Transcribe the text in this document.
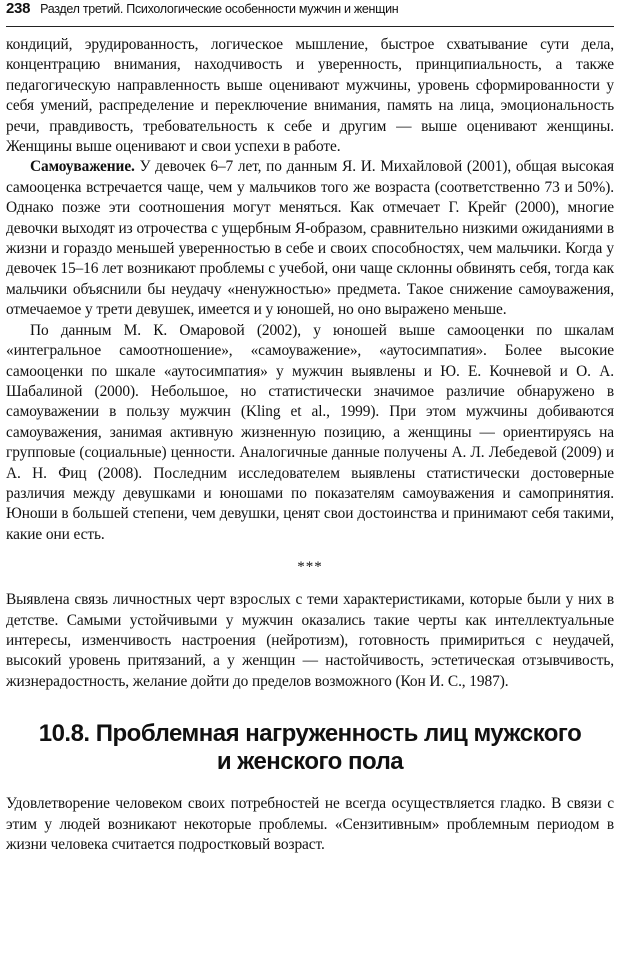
238 Раздел третий. Психологические особенности мужчин и женщин

кондиций, эрудированность, логическое мышление, быстрое схватывание сути дела, концентрацию внимания, находчивость и уверенность, принципиальность, а также педагогическую направленность выше оценивают мужчины, уровень сформированности у себя умений, распределение и переключение внимания, память на лица, эмоциональность речи, правдивость, требовательность к себе и другим — выше оценивают женщины. Женщины выше оценивают и свои успехи в работе.

Самоуважение. У девочек 6–7 лет, по данным Я. И. Михайловой (2001), общая высокая самооценка встречается чаще, чем у мальчиков того же возраста (соответственно 73 и 50%). Однако позже эти соотношения могут меняться. Как отмечает Г. Крейг (2000), многие девочки выходят из отрочества с ущербным Я-образом, сравнительно низкими ожиданиями в жизни и гораздо меньшей уверенностью в себе и своих способностях, чем мальчики. Когда у девочек 15–16 лет возникают проблемы с учебой, они чаще склонны обвинять себя, тогда как мальчики объяснили бы неудачу «ненужностью» предмета. Такое снижение самоуважения, отмечаемое у трети девушек, имеется и у юношей, но оно выражено меньше.

По данным М. К. Омаровой (2002), у юношей выше самооценки по шкалам «интегральное самоотношение», «самоуважение», «аутосимпатия». Более высокие самооценки по шкале «аутосимпатия» у мужчин выявлены и Ю. Е. Кочневой и О. А. Шабалиной (2000). Небольшое, но статистически значимое различие обнаружено в самоуважении в пользу мужчин (Kling et al., 1999). При этом мужчины добиваются самоуважения, занимая активную жизненную позицию, а женщины — ориентируясь на групповые (социальные) ценности. Аналогичные данные получены А. Л. Лебедевой (2009) и А. Н. Фиц (2008). Последним исследователем выявлены статистически достоверные различия между девушками и юношами по показателям самоуважения и самопринятия. Юноши в большей степени, чем девушки, ценят свои достоинства и принимают себя такими, какие они есть.

***

Выявлена связь личностных черт взрослых с теми характеристиками, которые были у них в детстве. Самыми устойчивыми у мужчин оказались такие черты как интеллектуальные интересы, изменчивость настроения (нейротизм), готовность примириться с неудачей, высокий уровень притязаний, а у женщин — настойчивость, эстетическая отзывчивость, жизнерадостность, желание дойти до пределов возможного (Кон И. С., 1987).

10.8. Проблемная нагруженность лиц мужского
и женского пола

Удовлетворение человеком своих потребностей не всегда осуществляется гладко. В связи с этим у людей возникают некоторые проблемы. «Сензитивным» проблемным периодом в жизни человека считается подростковый возраст.
